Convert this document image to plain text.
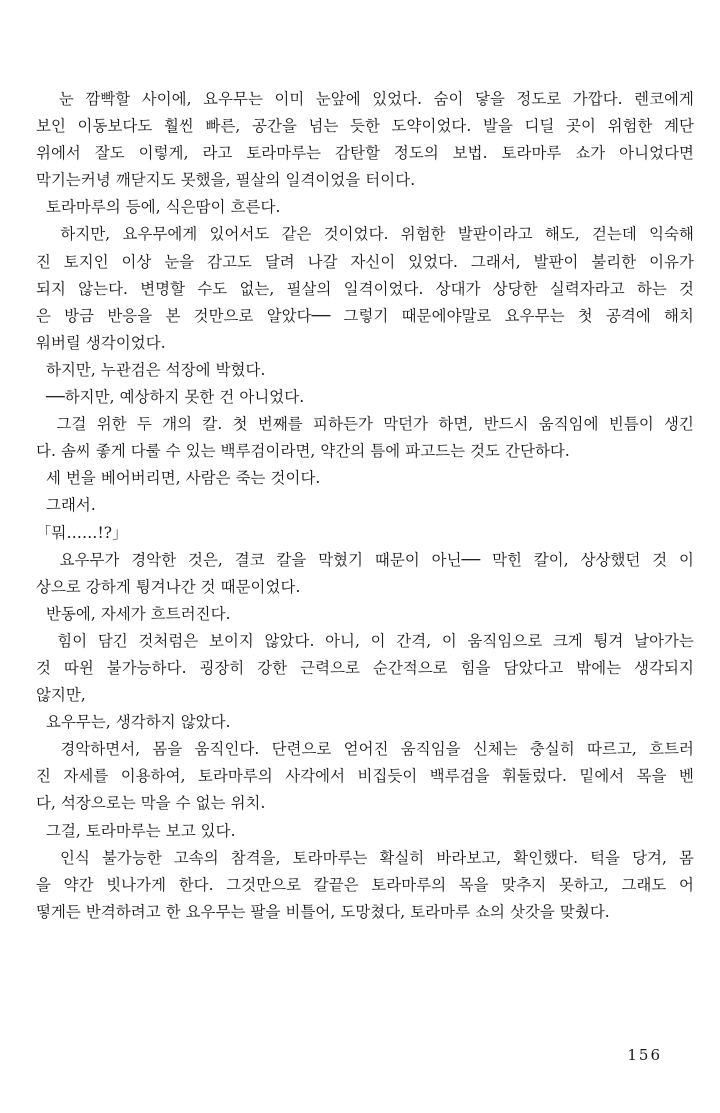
눈 깜빡할 사이에, 요우무는 이미 눈앞에 있었다. 숨이 닿을 정도로 가깝다. 렌코에게
보인 이동보다도 훨씬 빠른, 공간을 넘는 듯한 도약이었다. 발을 디딜 곳이 위험한 계단
위에서 잘도 이렇게, 라고 토라마루는 감탄할 정도의 보법. 토라마루 쇼가 아니었다면
막기는커녕 깨닫지도 못했을, 필살의 일격이었을 터이다.
토라마루의 등에, 식은땀이 흐른다.
하지만, 요우무에게 있어서도 같은 것이었다. 위험한 발판이라고 해도, 걷는데 익숙해
진 토지인 이상 눈을 감고도 달려 나갈 자신이 있었다. 그래서, 발판이 불리한 이유가
되지 않는다. 변명할 수도 없는, 필살의 일격이었다. 상대가 상당한 실력자라고 하는 것
은 방금 반응을 본 것만으로 알았다── 그렇기 때문에야말로 요우무는 첫 공격에 해치
워버릴 생각이었다.
하지만, 누관검은 석장에 박혔다.
──하지만, 예상하지 못한 건 아니었다.
그걸 위한 두 개의 칼. 첫 번째를 피하든가 막던가 하면, 반드시 움직임에 빈틈이 생긴
다. 솜씨 좋게 다룰 수 있는 백루검이라면, 약간의 틈에 파고드는 것도 간단하다.
세 번을 베어버리면, 사람은 죽는 것이다.
그래서.
「뭐……!?」
요우무가 경악한 것은, 결코 칼을 막혔기 때문이 아닌── 막힌 칼이, 상상했던 것 이
상으로 강하게 튕겨나간 것 때문이었다.
반동에, 자세가 흐트러진다.
힘이 담긴 것처럼은 보이지 않았다. 아니, 이 간격, 이 움직임으로 크게 튕겨 날아가는
것 따윈 불가능하다. 굉장히 강한 근력으로 순간적으로 힘을 담았다고 밖에는 생각되지
않지만,
요우무는, 생각하지 않았다.
경악하면서, 몸을 움직인다. 단련으로 얻어진 움직임을 신체는 충실히 따르고, 흐트러
진 자세를 이용하여, 토라마루의 사각에서 비집듯이 백루검을 휘둘렀다. 밑에서 목을 벤
다, 석장으로는 막을 수 없는 위치.
그걸, 토라마루는 보고 있다.
인식 불가능한 고속의 참격을, 토라마루는 확실히 바라보고, 확인했다. 턱을 당겨, 몸
을 약간 빗나가게 한다. 그것만으로 칼끝은 토라마루의 목을 맞추지 못하고, 그래도 어
떻게든 반격하려고 한 요우무는 팔을 비틀어, 도망쳤다, 토라마루 쇼의 삿갓을 맞췄다.
156
